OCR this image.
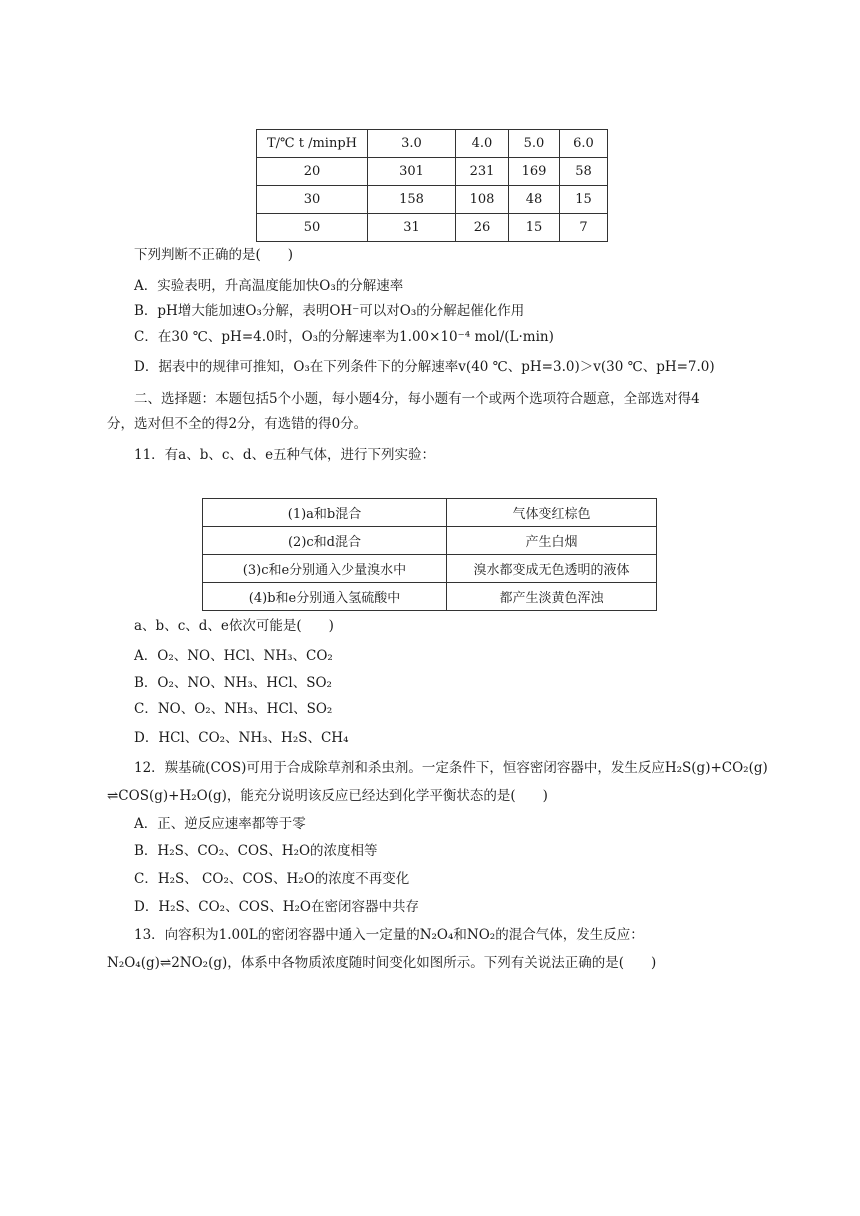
T/℃ t /minpH	3.0	4.0	5.0	6.0
20	301	231	169	58
30	158	108	48	15
50	31	26	15	7
下列判断不正确的是(　　)
A．实验表明，升高温度能加快O₃的分解速率
B．pH增大能加速O₃分解，表明OH⁻可以对O₃的分解起催化作用
C．在30 ℃、pH=4.0时，O₃的分解速率为1.00×10⁻⁴ mol/(L·min)
D．据表中的规律可推知，O₃在下列条件下的分解速率v(40 ℃、pH=3.0)＞v(30 ℃、pH=7.0)
二、选择题：本题包括5个小题，每小题4分，每小题有一个或两个选项符合题意，全部选对得4
分，选对但不全的得2分，有选错的得0分。
11．有a、b、c、d、e五种气体，进行下列实验：
(1)a和b混合	气体变红棕色
(2)c和d混合	产生白烟
(3)c和e分别通入少量溴水中	溴水都变成无色透明的液体
(4)b和e分别通入氢硫酸中	都产生淡黄色浑浊
a、b、c、d、e依次可能是(　　)
A．O₂、NO、HCl、NH₃、CO₂
B．O₂、NO、NH₃、HCl、SO₂
C．NO、O₂、NH₃、HCl、SO₂
D．HCl、CO₂、NH₃、H₂S、CH₄
12．羰基硫(COS)可用于合成除草剂和杀虫剂。一定条件下，恒容密闭容器中，发生反应H₂S(g)+CO₂(g)
⇌COS(g)+H₂O(g)，能充分说明该反应已经达到化学平衡状态的是(　　)
A．正、逆反应速率都等于零
B．H₂S、CO₂、COS、H₂O的浓度相等
C．H₂S、 CO₂、COS、H₂O的浓度不再变化
D．H₂S、CO₂、COS、H₂O在密闭容器中共存
13．向容积为1.00L的密闭容器中通入一定量的N₂O₄和NO₂的混合气体，发生反应：
N₂O₄(g)⇌2NO₂(g)，体系中各物质浓度随时间变化如图所示。下列有关说法正确的是(　　)
